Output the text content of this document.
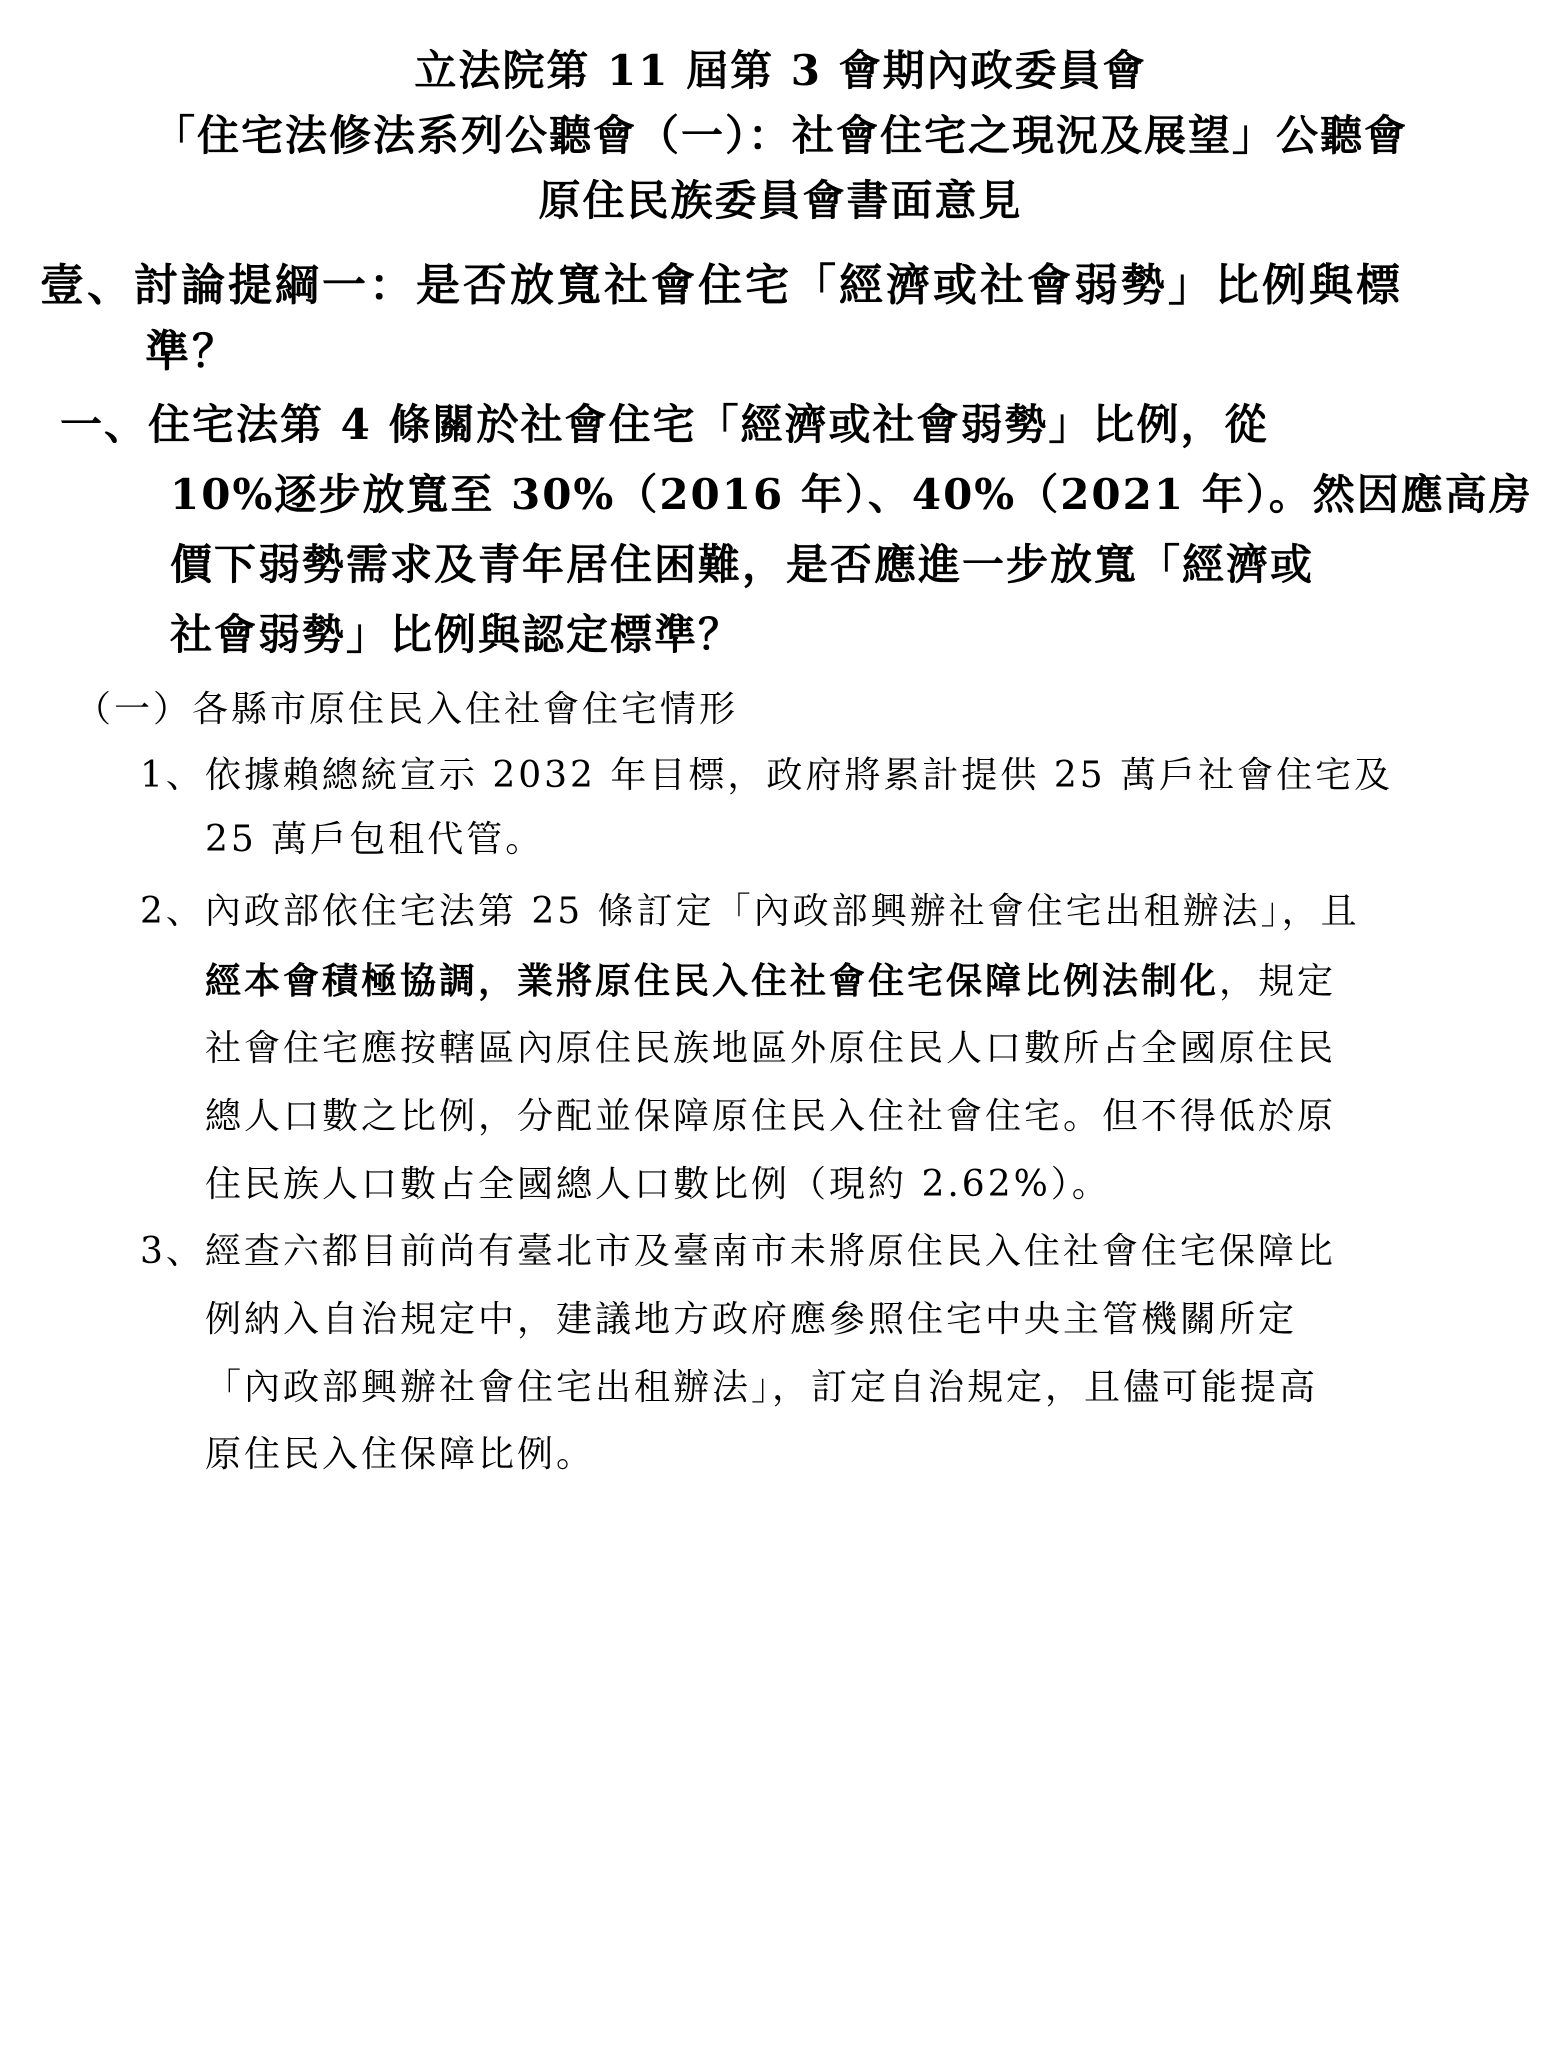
立法院第 11 屆第 3 會期內政委員會
「住宅法修法系列公聽會（一）：社會住宅之現況及展望」公聽會
原住民族委員會書面意見
壹、討論提綱一：是否放寬社會住宅「經濟或社會弱勢」比例與標
準？
一、住宅法第 4 條關於社會住宅「經濟或社會弱勢」比例，從
10%逐步放寬至 30%（2016 年）、40%（2021 年）。然因應高房
價下弱勢需求及青年居住困難，是否應進一步放寬「經濟或
社會弱勢」比例與認定標準？
（一）各縣市原住民入住社會住宅情形
1、依據賴總統宣示 2032 年目標，政府將累計提供 25 萬戶社會住宅及
25 萬戶包租代管。
2、內政部依住宅法第 25 條訂定「內政部興辦社會住宅出租辦法」，且
經本會積極協調，業將原住民入住社會住宅保障比例法制化，規定
社會住宅應按轄區內原住民族地區外原住民人口數所占全國原住民
總人口數之比例，分配並保障原住民入住社會住宅。但不得低於原
住民族人口數占全國總人口數比例（現約 2.62%）。
3、經查六都目前尚有臺北市及臺南市未將原住民入住社會住宅保障比
例納入自治規定中，建議地方政府應參照住宅中央主管機關所定
「內政部興辦社會住宅出租辦法」，訂定自治規定，且儘可能提高
原住民入住保障比例。
